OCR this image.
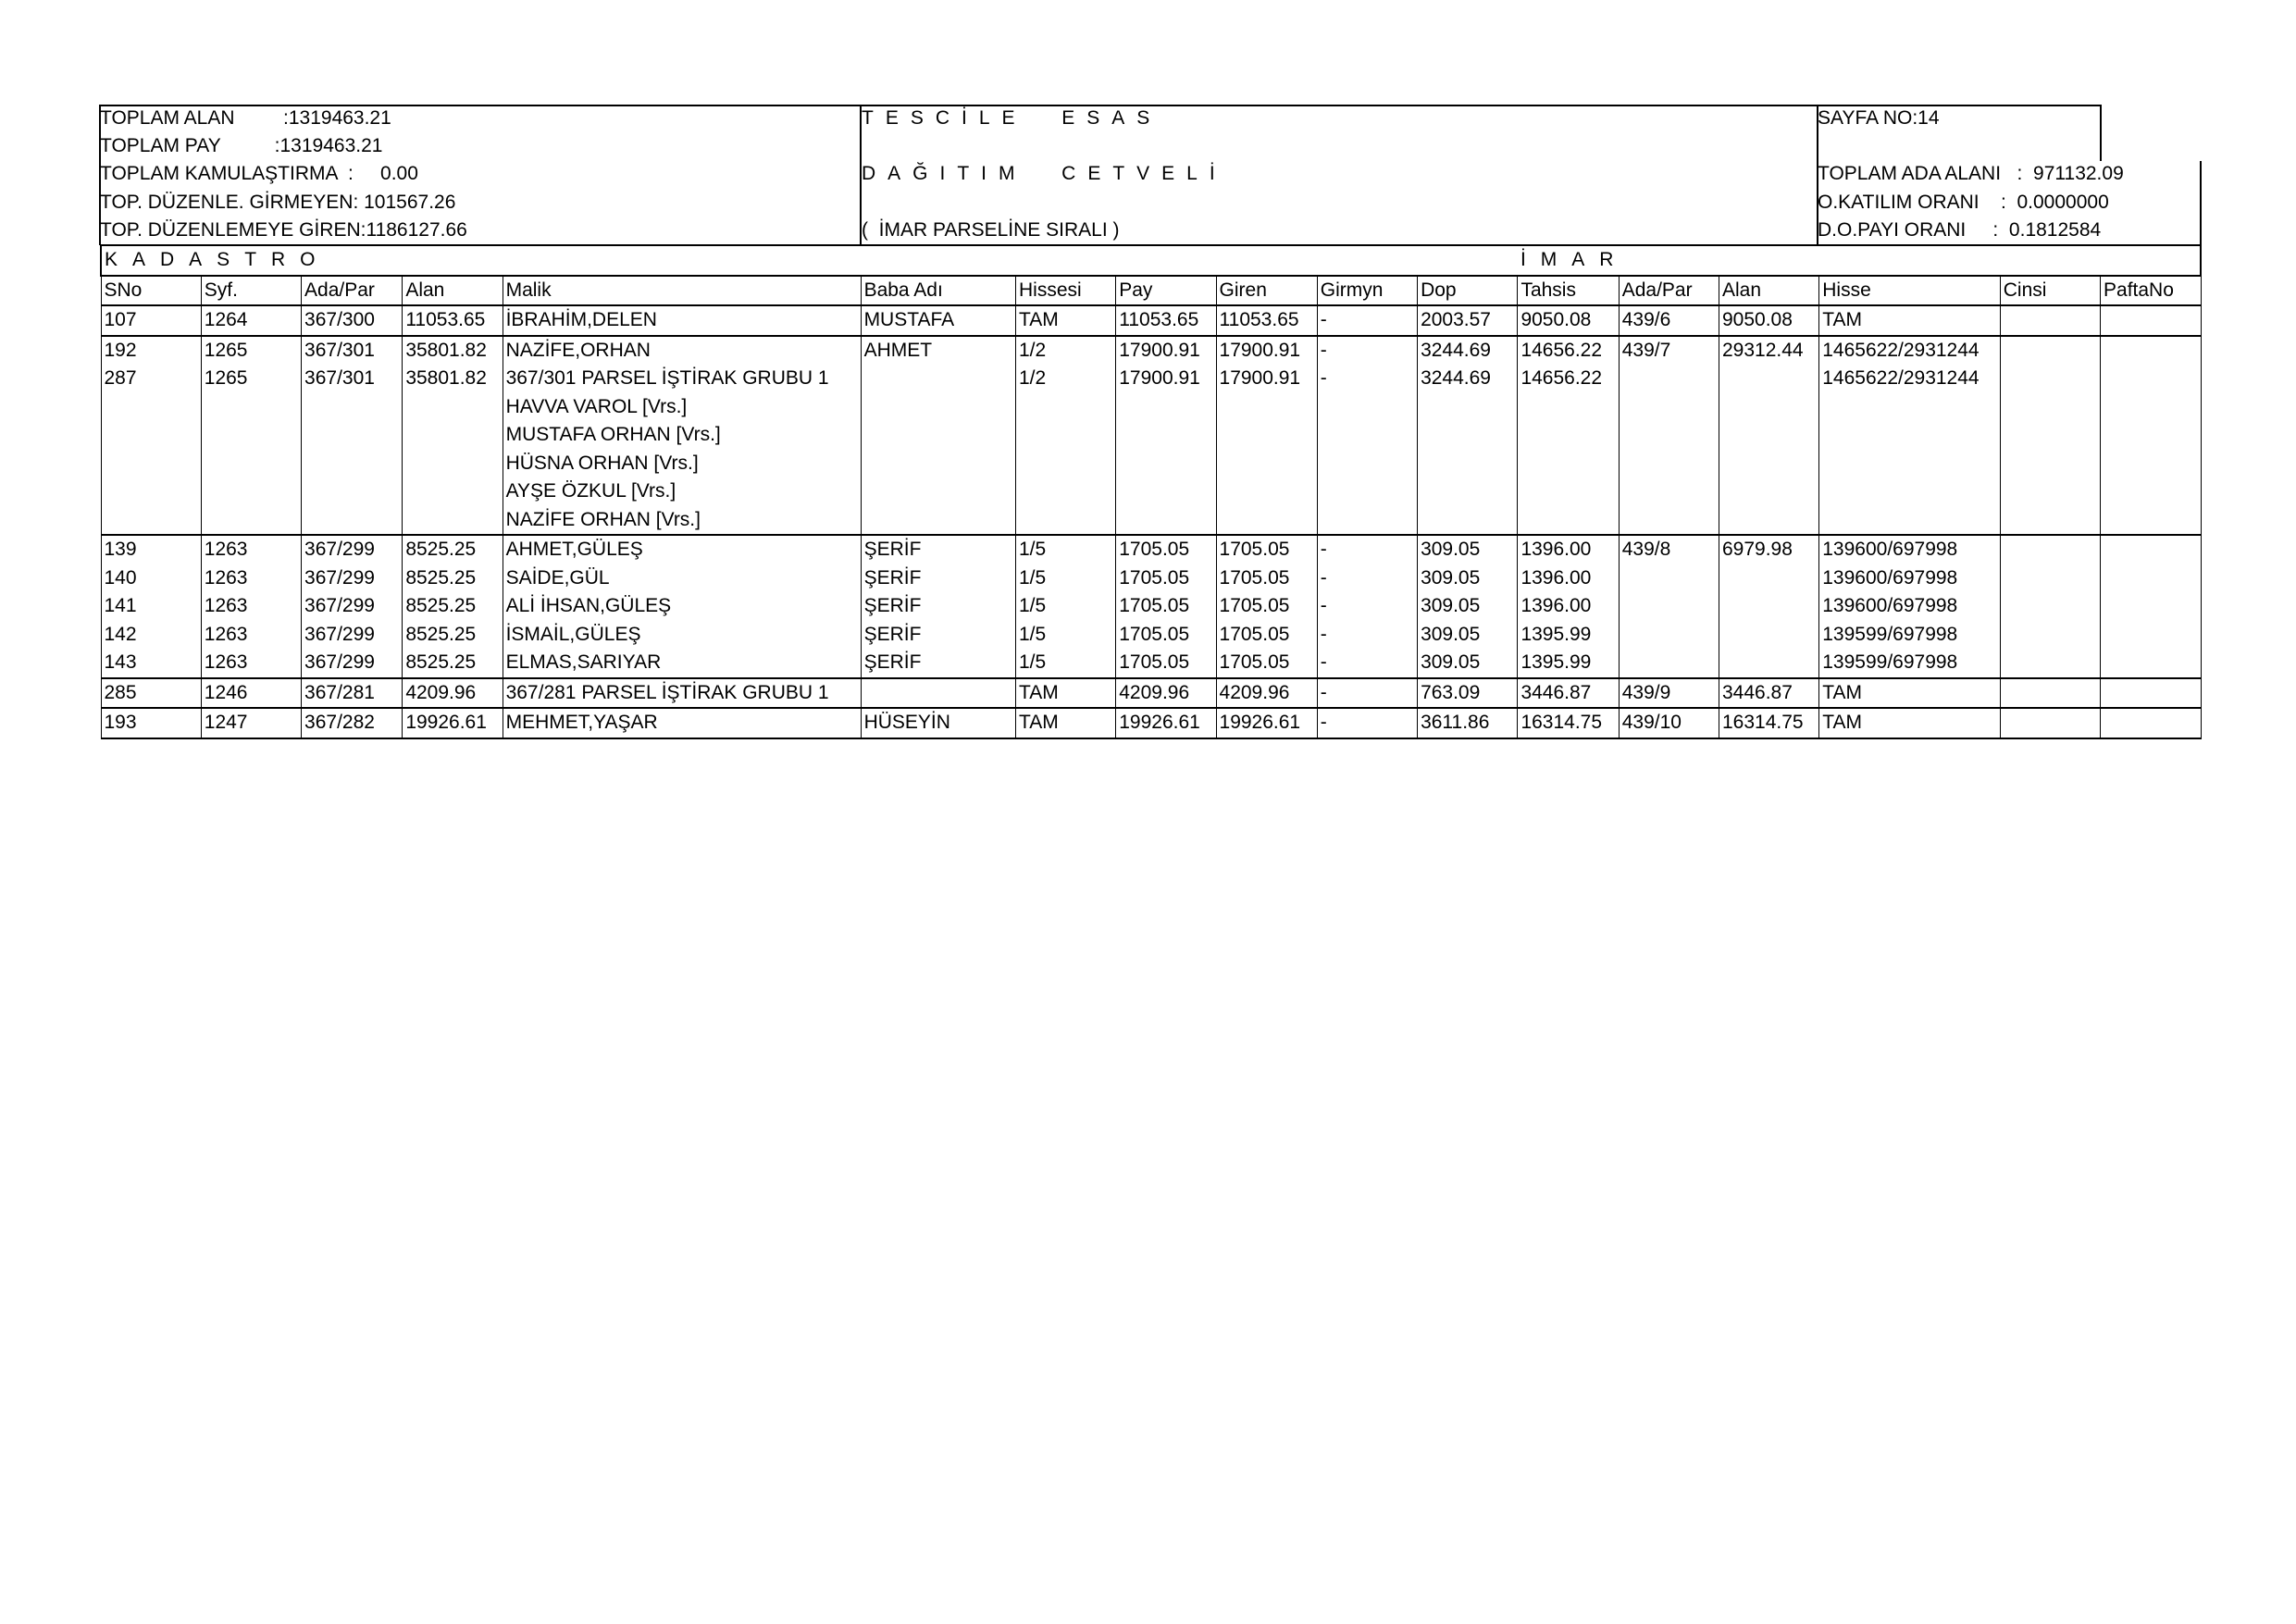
TOPLAM ALAN         :1319463.21
TOPLAM PAY          :1319463.21
TOPLAM KAMULAŞTIRMA  :     0.00
TOP. DÜZENLE. GİRMEYEN: 101567.26
TOP. DÜZENLEMEYE GİREN:1186127.66
TESCİLE  ESAS
DAĞITIM  CETVELİ
(  İMAR PARSELİNE SIRALI )
SAYFA NO:14
TOPLAM ADA ALANI   :  971132.09
O.KATILIM ORANI    :  0.0000000
D.O.PAYI ORANI     :  0.1812584
KADASTRO											İMAR					
SNo	Syf.	Ada/Par	Alan	Malik	Baba Adı	Hissesi	Pay	Giren	Girmyn	Dop	Tahsis	Ada/Par	Alan	Hisse	Cinsi	PaftaNo
107	1264	367/300	11053.65	İBRAHİM,DELEN	MUSTAFA	TAM	11053.65	11053.65	-	2003.57	9050.08	439/6	9050.08	TAM		
192	1265	367/301	35801.82	NAZİFE,ORHAN	AHMET	1/2	17900.91	17900.91	-	3244.69	14656.22	439/7	29312.44	1465622/2931244		
287	1265	367/301	35801.82	367/301 PARSEL İŞTİRAK GRUBU 1		1/2	17900.91	17900.91	-	3244.69	14656.22			1465622/2931244		
				HAVVA VAROL [Vrs.]												
				MUSTAFA ORHAN [Vrs.]												
				HÜSNA ORHAN [Vrs.]												
				AYŞE ÖZKUL [Vrs.]												
				NAZİFE ORHAN [Vrs.]												
139	1263	367/299	8525.25	AHMET,GÜLEŞ	ŞERİF	1/5	1705.05	1705.05	-	309.05	1396.00	439/8	6979.98	139600/697998		
140	1263	367/299	8525.25	SAİDE,GÜL	ŞERİF	1/5	1705.05	1705.05	-	309.05	1396.00			139600/697998		
141	1263	367/299	8525.25	ALİ İHSAN,GÜLEŞ	ŞERİF	1/5	1705.05	1705.05	-	309.05	1396.00			139600/697998		
142	1263	367/299	8525.25	İSMAİL,GÜLEŞ	ŞERİF	1/5	1705.05	1705.05	-	309.05	1395.99			139599/697998		
143	1263	367/299	8525.25	ELMAS,SARIYAR	ŞERİF	1/5	1705.05	1705.05	-	309.05	1395.99			139599/697998		
285	1246	367/281	4209.96	367/281 PARSEL İŞTİRAK GRUBU 1		TAM	4209.96	4209.96	-	763.09	3446.87	439/9	3446.87	TAM		
193	1247	367/282	19926.61	MEHMET,YAŞAR	HÜSEYİN	TAM	19926.61	19926.61	-	3611.86	16314.75	439/10	16314.75	TAM		
